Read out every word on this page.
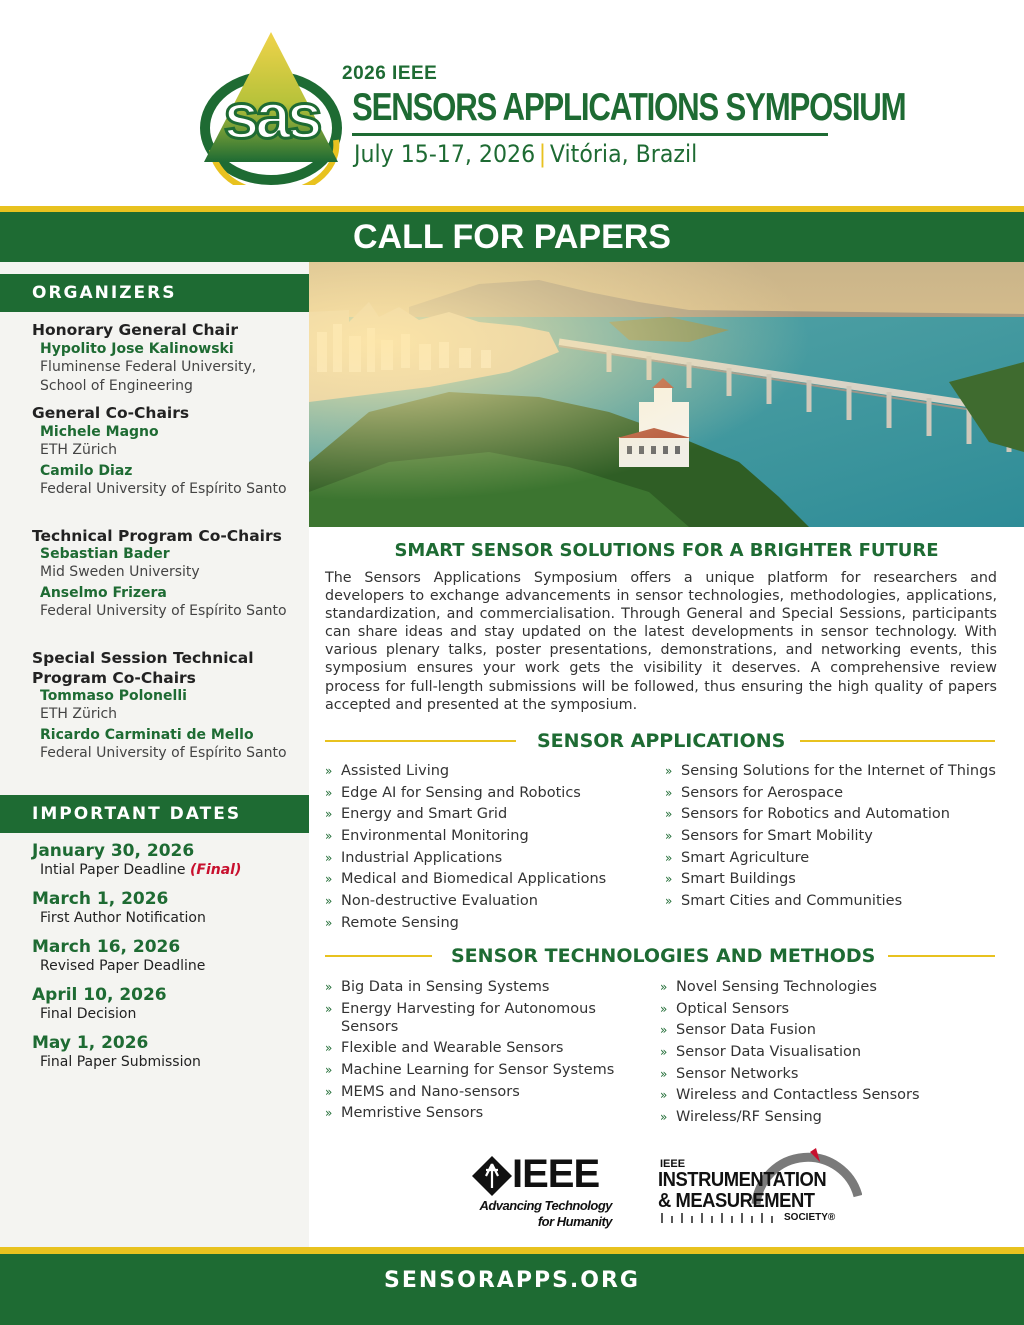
sas
2026 IEEE
SENSORS APPLICATIONS SYMPOSIUM
July 15-17, 2026 | Vitória, Brazil
CALL FOR PAPERS
ORGANIZERS
Honorary General Chair
Hypolito Jose Kalinowski
Fluminense Federal University, School of Engineering
General Co-Chairs
Michele Magno
ETH Zürich
Camilo Diaz
Federal University of Espírito Santo
Technical Program Co-Chairs
Sebastian Bader
Mid Sweden University
Anselmo Frizera
Federal University of Espírito Santo
Special Session Technical Program Co-Chairs
Tommaso Polonelli
ETH Zürich
Ricardo Carminati de Mello
Federal University of Espírito Santo
IMPORTANT DATES
January 30, 2026
Intial Paper Deadline (Final)
March 1, 2026
First Author Notification
March 16, 2026
Revised Paper Deadline
April 10, 2026
Final Decision
May 1, 2026
Final Paper Submission
SMART SENSOR SOLUTIONS FOR A BRIGHTER FUTURE
The Sensors Applications Symposium offers a unique platform for researchers and developers to exchange advancements in sensor technologies, methodologies, applications, standardization, and commercialisation. Through General and Special Sessions, participants can share ideas and stay updated on the latest developments in sensor technology. With various plenary talks, poster presentations, demonstrations, and networking events, this symposium ensures your work gets the visibility it deserves. A comprehensive review process for full-length submissions will be followed, thus ensuring the high quality of papers accepted and presented at the symposium.
SENSOR APPLICATIONS
» Assisted Living
» Edge AI for Sensing and Robotics
» Energy and Smart Grid
» Environmental Monitoring
» Industrial Applications
» Medical and Biomedical Applications
» Non-destructive Evaluation
» Remote Sensing
» Sensing Solutions for the Internet of Things
» Sensors for Aerospace
» Sensors for Robotics and Automation
» Sensors for Smart Mobility
» Smart Agriculture
» Smart Buildings
» Smart Cities and Communities
SENSOR TECHNOLOGIES AND METHODS
» Big Data in Sensing Systems
» Energy Harvesting for Autonomous Sensors
» Flexible and Wearable Sensors
» Machine Learning for Sensor Systems
» MEMS and Nano-sensors
» Memristive Sensors
» Novel Sensing Technologies
» Optical Sensors
» Sensor Data Fusion
» Sensor Data Visualisation
» Sensor Networks
» Wireless and Contactless Sensors
» Wireless/RF Sensing
IEEE
Advancing Technology
for Humanity
IEEE
INSTRUMENTATION
& MEASUREMENT
SOCIETY®
SENSORAPPS.ORG
